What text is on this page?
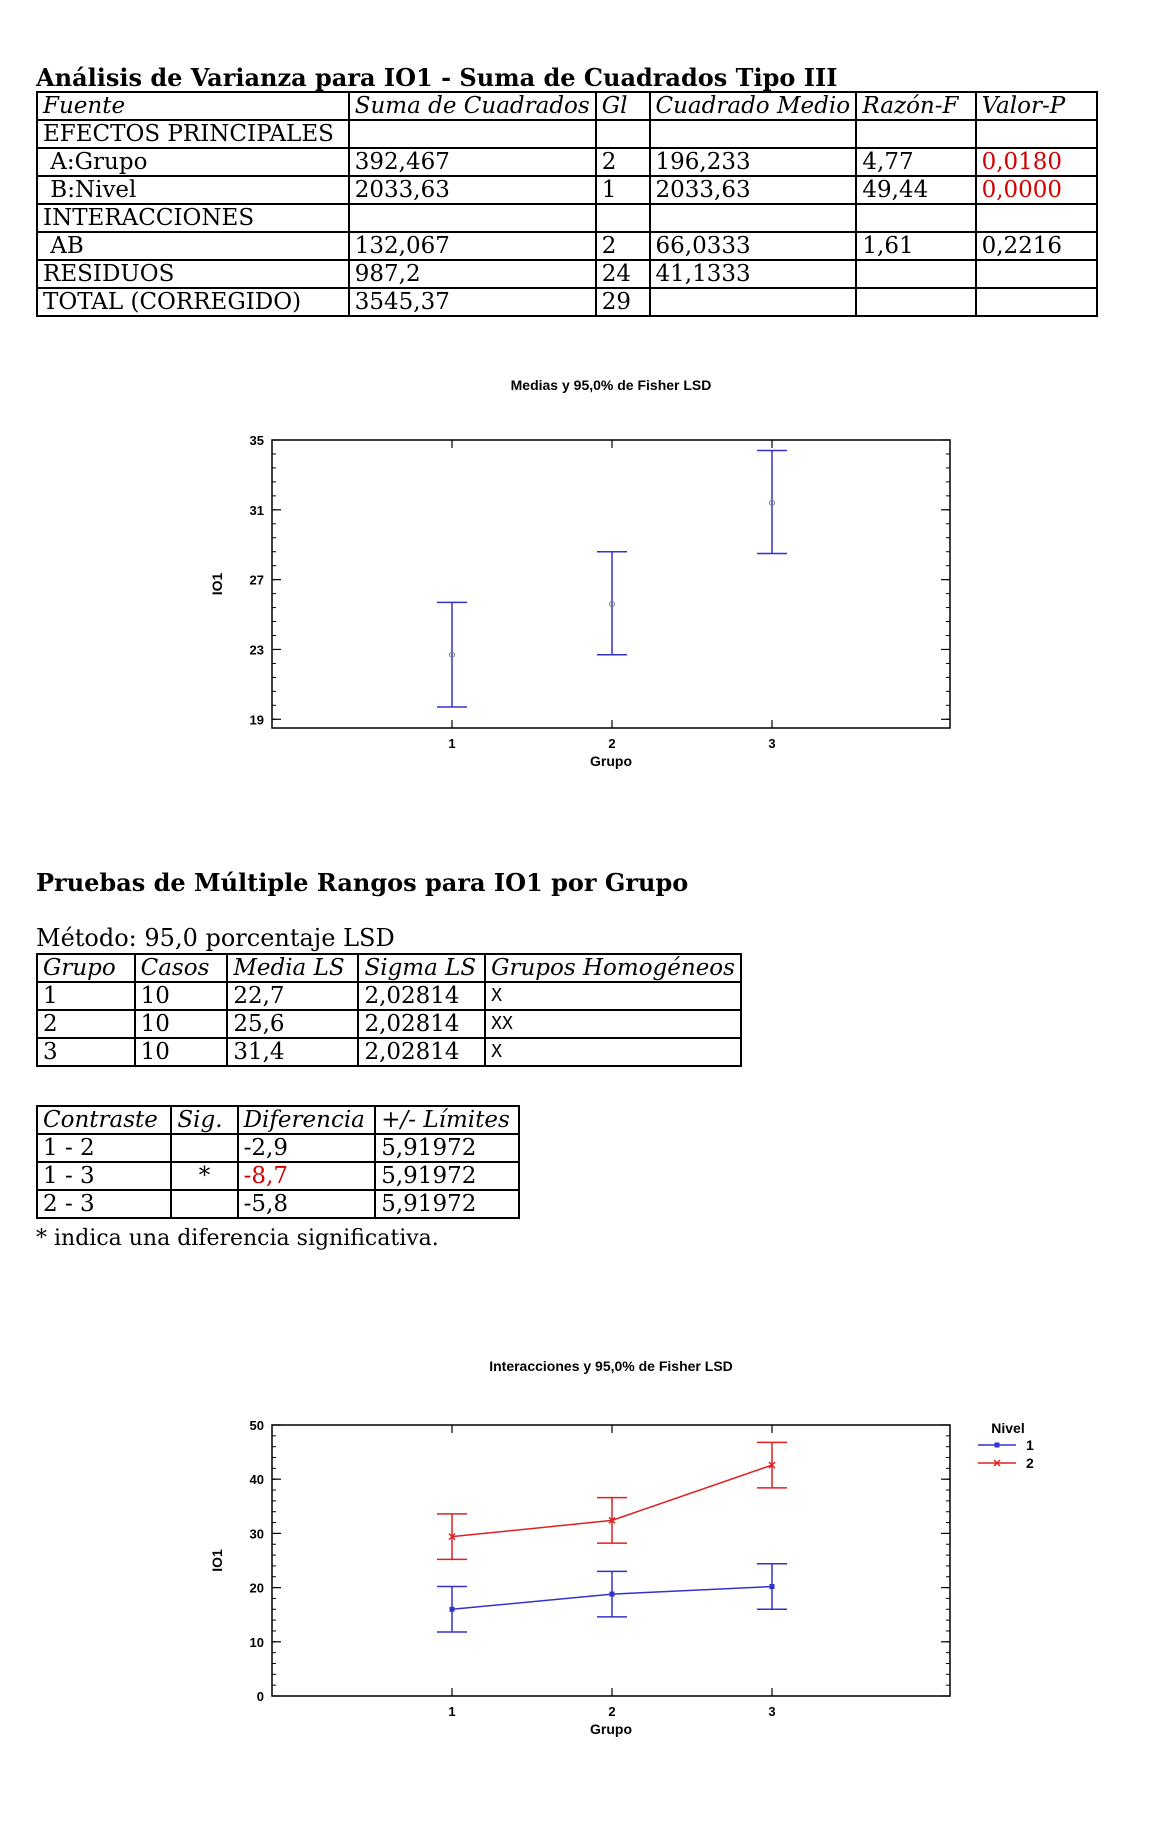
Análisis de Varianza para IO1 - Suma de Cuadrados Tipo III
Fuente	Suma de Cuadrados	Gl	Cuadrado Medio	Razón-F	Valor-P
EFECTOS PRINCIPALES					
A:Grupo	392,467	2	196,233	4,77	0,0180
B:Nivel	2033,63	1	2033,63	49,44	0,0000
INTERACCIONES					
AB	132,067	2	66,0333	1,61	0,2216
RESIDUOS	987,2	24	41,1333		
TOTAL (CORREGIDO)	3545,37	29			
Medias y 95,0% de Fisher LSD
19
23
27
31
35
1	2	3
Grupo
IO1
Pruebas de Múltiple Rangos para IO1 por Grupo
Método: 95,0 porcentaje LSD
Grupo	Casos	Media LS	Sigma LS	Grupos Homogéneos
1	10	22,7	2,02814	X
2	10	25,6	2,02814	XX
3	10	31,4	2,02814	X
Contraste	Sig.	Diferencia	+/- Límites
1 - 2		-2,9	5,91972
1 - 3	*	-8,7	5,91972
2 - 3		-5,8	5,91972
* indica una diferencia significativa.
Interacciones y 95,0% de Fisher LSD
0
10
20
30
40
50
1	2	3
Grupo
IO1
Nivel
1
2
